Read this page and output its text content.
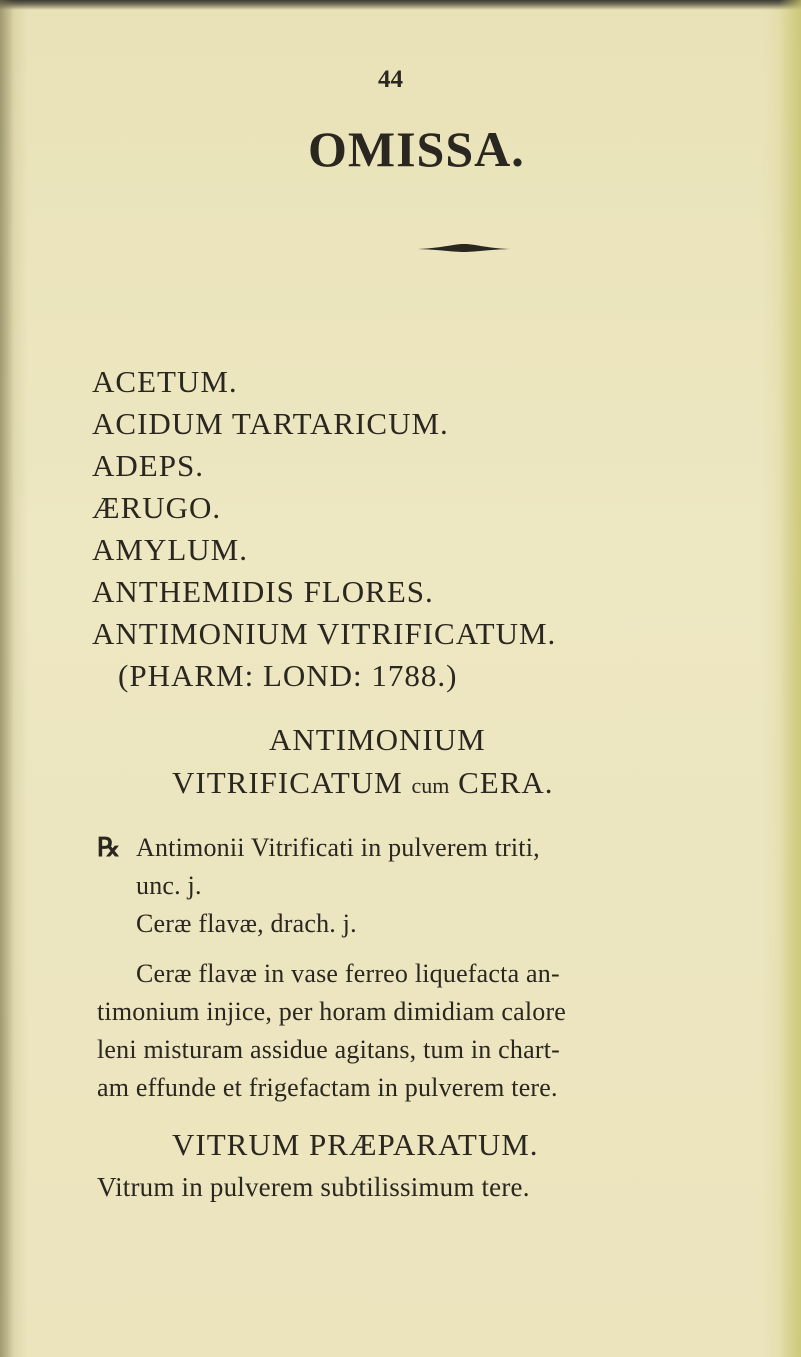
44
OMISSA.
ACETUM.
ACIDUM TARTARICUM.
ADEPS.
ÆRUGO.
AMYLUM.
ANTHEMIDIS FLORES.
ANTIMONIUM VITRIFICATUM.
(PHARM: LOND: 1788.)
ANTIMONIUM
VITRIFICATUM cum CERA.
℞ Antimonii Vitrificati in pulverem triti,
unc. j.
Ceræ flavæ, drach. j.
Ceræ flavæ in vase ferreo liquefacta an-
timonium injice, per horam dimidiam calore
leni misturam assidue agitans, tum in chart-
am effunde et frigefactam in pulverem tere.
VITRUM PRÆPARATUM.
Vitrum in pulverem subtilissimum tere.
